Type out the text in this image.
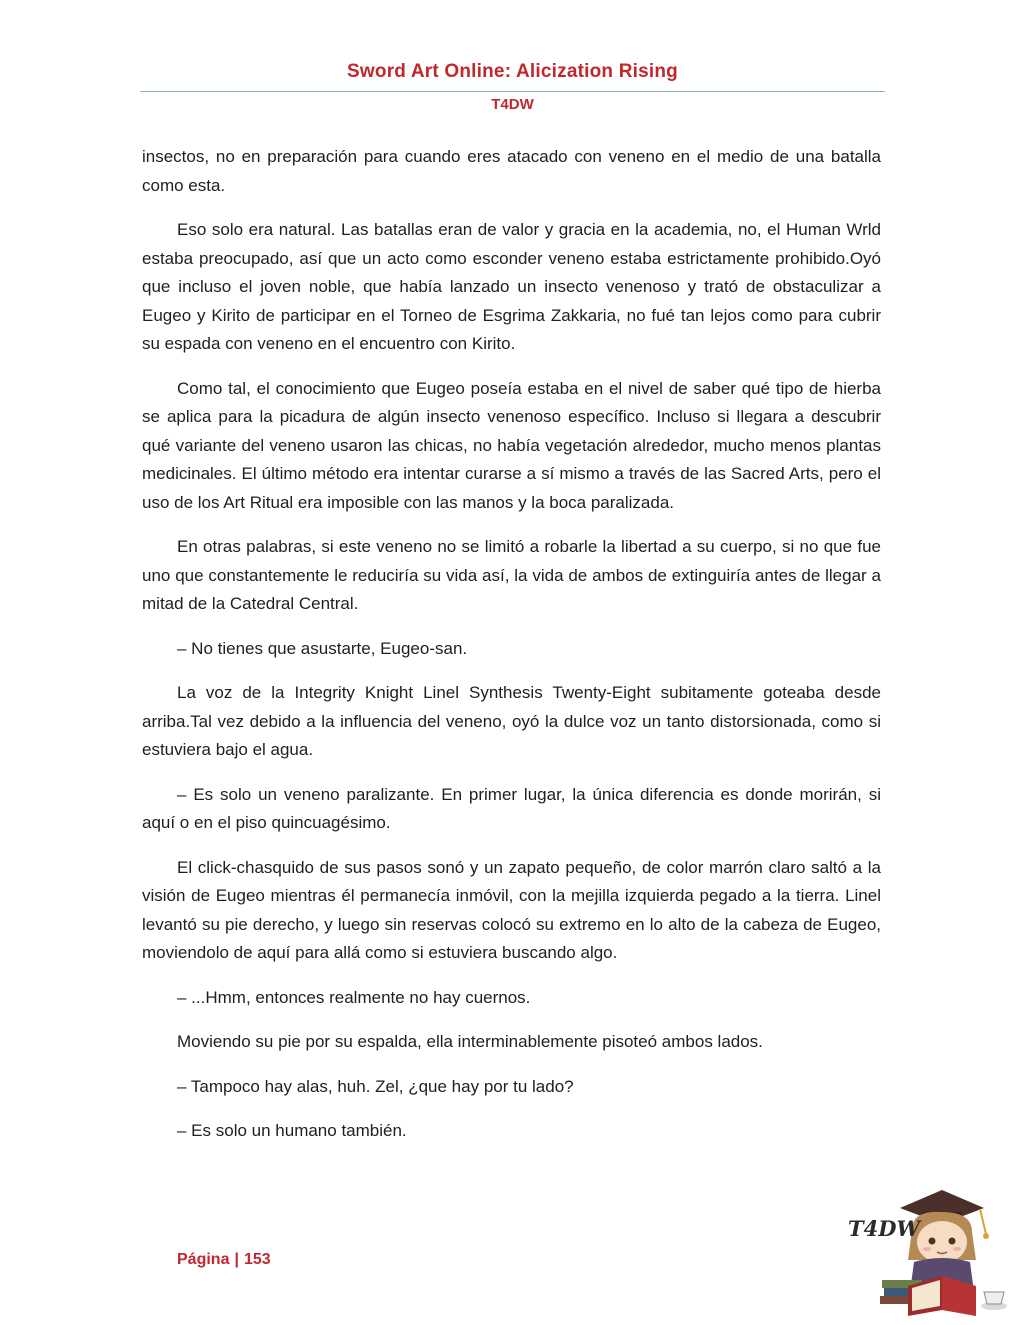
Sword Art Online: Alicization Rising
T4DW

insectos, no en preparación para cuando eres atacado con veneno en el medio de una batalla como esta.

Eso solo era natural. Las batallas eran de valor y gracia en la academia, no, el Human Wrld estaba preocupado, así que un acto como esconder veneno estaba estrictamente prohibido.Oyó que incluso el joven noble, que había lanzado un insecto venenoso y trató de obstaculizar a Eugeo y Kirito de participar en el Torneo de Esgrima Zakkaria, no fué tan lejos como para cubrir su espada con veneno en el encuentro con Kirito.

Como tal, el conocimiento que Eugeo poseía estaba en el nivel de saber qué tipo de hierba se aplica para la picadura de algún insecto venenoso específico. Incluso si llegara a descubrir qué variante del veneno usaron las chicas, no había vegetación alrededor, mucho menos plantas medicinales. El último método era intentar curarse a sí mismo a través de las Sacred Arts, pero el uso de los Art Ritual era imposible con las manos y la boca paralizada.

En otras palabras, si este veneno no se limitó a robarle la libertad a su cuerpo, si no que fue uno que constantemente le reduciría su vida así, la vida de ambos de extinguiría antes de llegar a mitad de la Catedral Central.

– No tienes que asustarte, Eugeo-san.

La voz de la Integrity Knight Linel Synthesis Twenty-Eight subitamente goteaba desde arriba.Tal vez debido a la influencia del veneno, oyó la dulce voz un tanto distorsionada, como si estuviera bajo el agua.

– Es solo un veneno paralizante. En primer lugar, la única diferencia es donde morirán, si aquí o en el piso quincuagésimo.

El click-chasquido de sus pasos sonó y un zapato pequeño, de color marrón claro saltó a la visión de Eugeo mientras él permanecía inmóvil, con la mejilla izquierda pegado a la tierra. Linel levantó su pie derecho, y luego sin reservas colocó su extremo en lo alto de la cabeza de Eugeo, moviendolo de aquí para allá como si estuviera buscando algo.

– ...Hmm, entonces realmente no hay cuernos.

Moviendo su pie por su espalda, ella interminablemente pisoteó ambos lados.

– Tampoco hay alas, huh. Zel, ¿que hay por tu lado?

– Es solo un humano también.

Página | 153
T4DW
